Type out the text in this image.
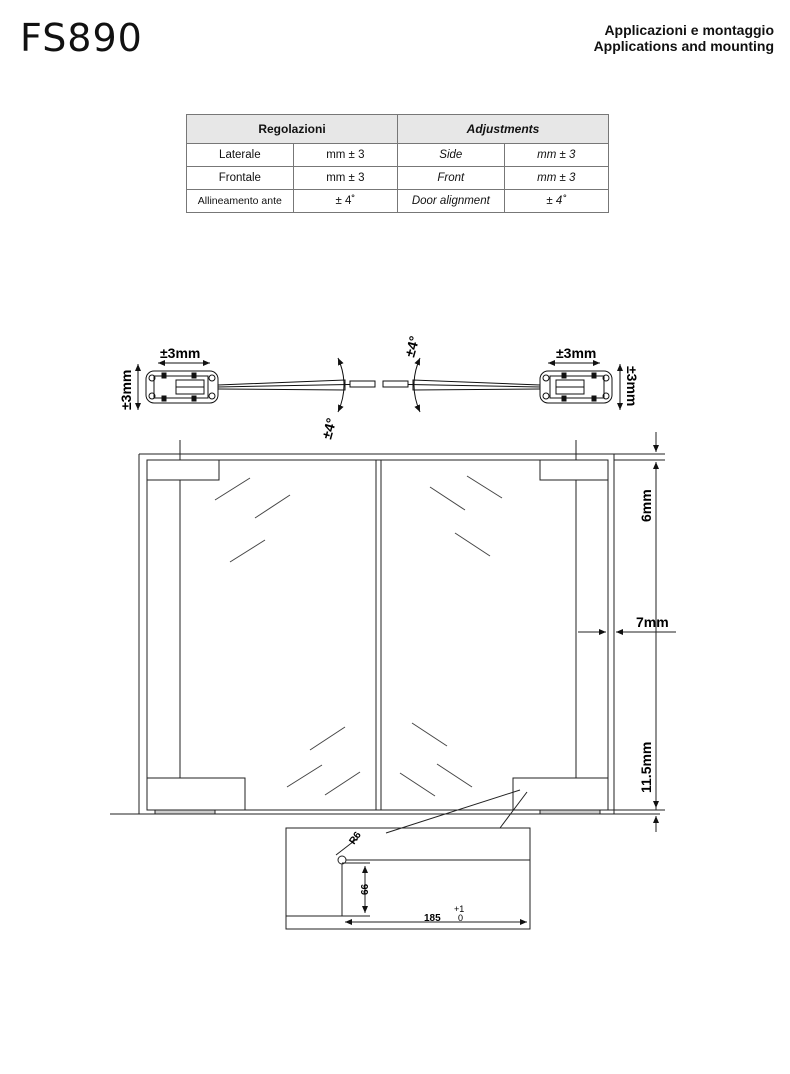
FS890	Applicazioni e montaggio
Applications and mounting
Regolazioni		Adjustments	
Laterale	mm ± 3	Side	mm ± 3
Frontale	mm ± 3	Front	mm ± 3
Allineamento ante	± 4˚	Door alignment	± 4˚
±3mm	±3mm
±3mm	±3mm
±4°
±4°
6mm
7mm
11.5mm
R6
66
185
+1
0
